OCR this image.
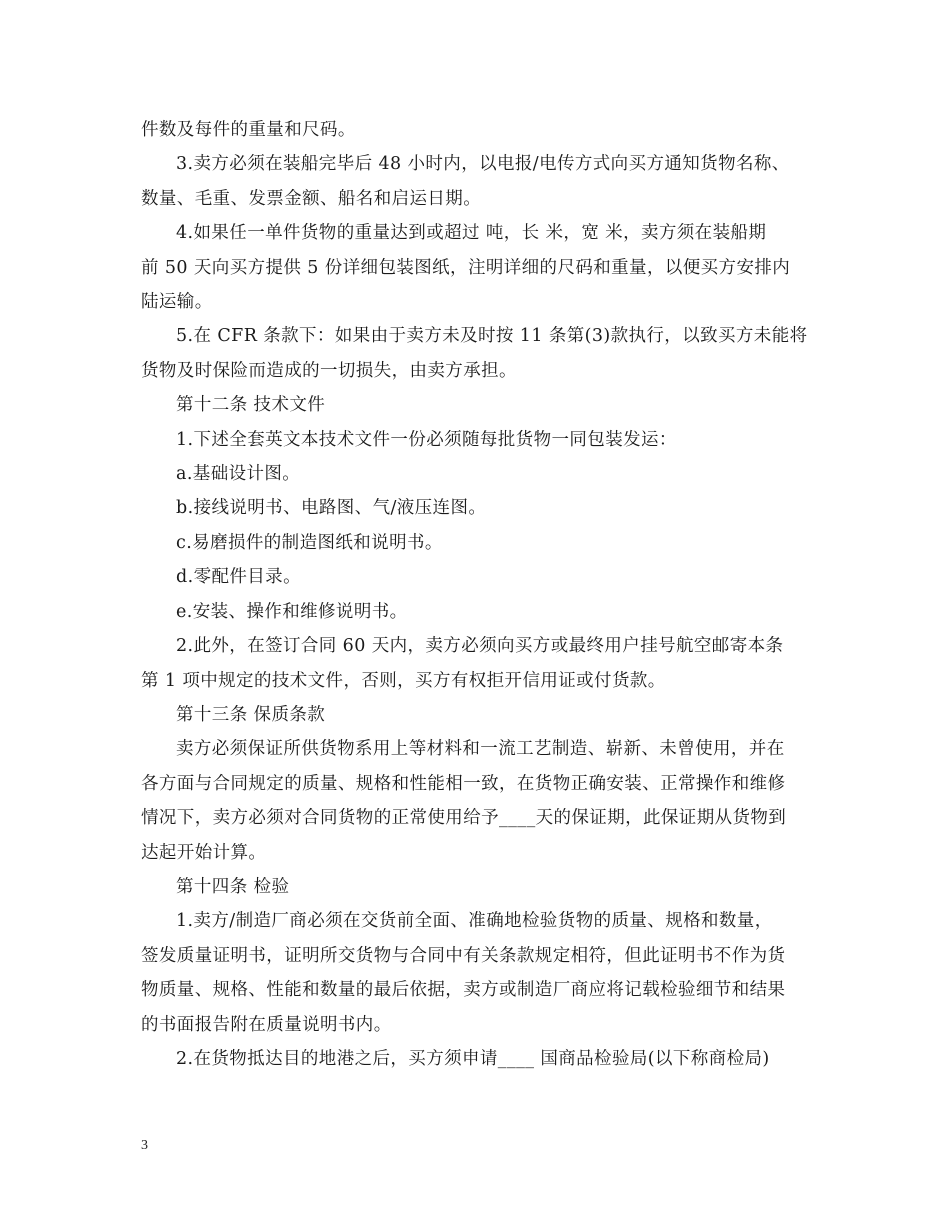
件数及每件的重量和尺码。
3.卖方必须在装船完毕后 48 小时内，以电报/电传方式向买方通知货物名称、
数量、毛重、发票金额、船名和启运日期。
4.如果任一单件货物的重量达到或超过 吨，长 米，宽 米，卖方须在装船期
前 50 天向买方提供 5 份详细包装图纸，注明详细的尺码和重量，以便买方安排内
陆运输。
5.在 CFR 条款下：如果由于卖方未及时按 11 条第(3)款执行，以致买方未能将
货物及时保险而造成的一切损失，由卖方承担。
第十二条 技术文件
1.下述全套英文本技术文件一份必须随每批货物一同包装发运：
a.基础设计图。
b.接线说明书、电路图、气/液压连图。
c.易磨损件的制造图纸和说明书。
d.零配件目录。
e.安装、操作和维修说明书。
2.此外，在签订合同 60 天内，卖方必须向买方或最终用户挂号航空邮寄本条
第 1 项中规定的技术文件，否则，买方有权拒开信用证或付货款。
第十三条 保质条款
卖方必须保证所供货物系用上等材料和一流工艺制造、崭新、未曾使用，并在
各方面与合同规定的质量、规格和性能相一致，在货物正确安装、正常操作和维修
情况下，卖方必须对合同货物的正常使用给予____天的保证期，此保证期从货物到
达起开始计算。
第十四条 检验
1.卖方/制造厂商必须在交货前全面、准确地检验货物的质量、规格和数量，
签发质量证明书，证明所交货物与合同中有关条款规定相符，但此证明书不作为货
物质量、规格、性能和数量的最后依据，卖方或制造厂商应将记载检验细节和结果
的书面报告附在质量说明书内。
2.在货物抵达目的地港之后，买方须申请____ 国商品检验局(以下称商检局)
3
